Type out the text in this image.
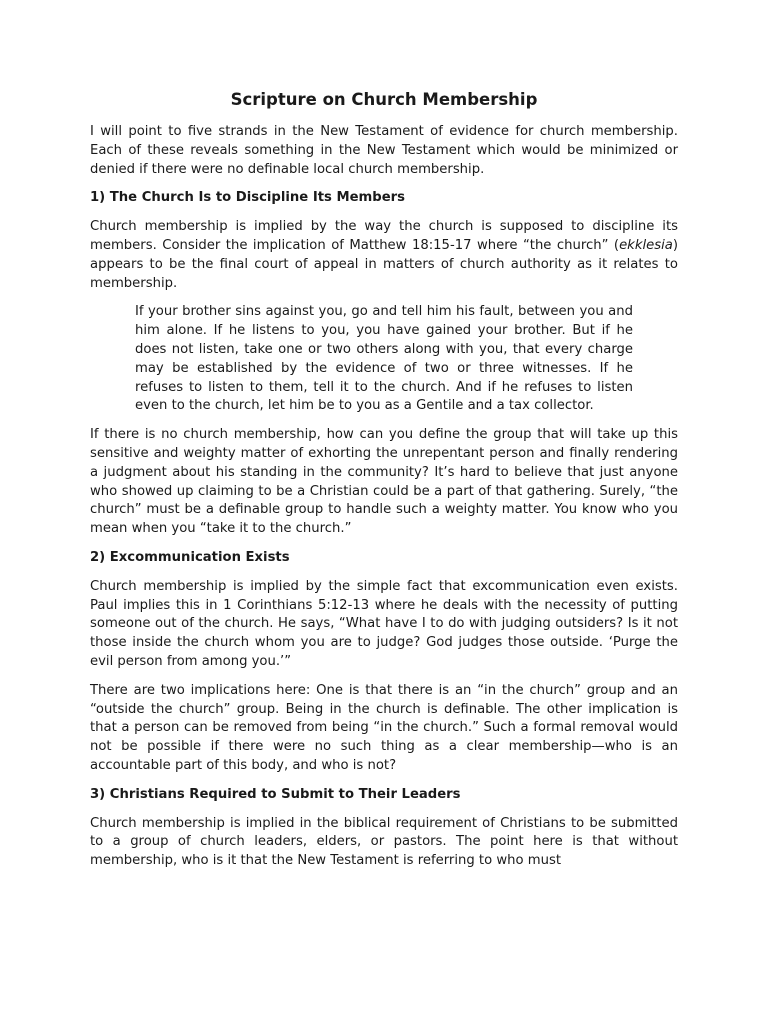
Scripture on Church Membership

I will point to five strands in the New Testament of evidence for church membership. Each of these reveals something in the New Testament which would be minimized or denied if there were no definable local church membership.

1) The Church Is to Discipline Its Members

Church membership is implied by the way the church is supposed to discipline its members. Consider the implication of Matthew 18:15-17 where “the church” (ekklesia) appears to be the final court of appeal in matters of church authority as it relates to membership.

If your brother sins against you, go and tell him his fault, between you and him alone. If he listens to you, you have gained your brother. But if he does not listen, take one or two others along with you, that every charge may be established by the evidence of two or three witnesses. If he refuses to listen to them, tell it to the church. And if he refuses to listen even to the church, let him be to you as a Gentile and a tax collector.

If there is no church membership, how can you define the group that will take up this sensitive and weighty matter of exhorting the unrepentant person and finally rendering a judgment about his standing in the community? It’s hard to believe that just anyone who showed up claiming to be a Christian could be a part of that gathering. Surely, “the church” must be a definable group to handle such a weighty matter. You know who you mean when you “take it to the church.”

2) Excommunication Exists

Church membership is implied by the simple fact that excommunication even exists. Paul implies this in 1 Corinthians 5:12-13 where he deals with the necessity of putting someone out of the church. He says, “What have I to do with judging outsiders? Is it not those inside the church whom you are to judge? God judges those outside. ‘Purge the evil person from among you.’”

There are two implications here: One is that there is an “in the church” group and an “outside the church” group. Being in the church is definable. The other implication is that a person can be removed from being “in the church.” Such a formal removal would not be possible if there were no such thing as a clear membership—who is an accountable part of this body, and who is not?

3) Christians Required to Submit to Their Leaders

Church membership is implied in the biblical requirement of Christians to be submitted to a group of church leaders, elders, or pastors. The point here is that without membership, who is it that the New Testament is referring to who must
